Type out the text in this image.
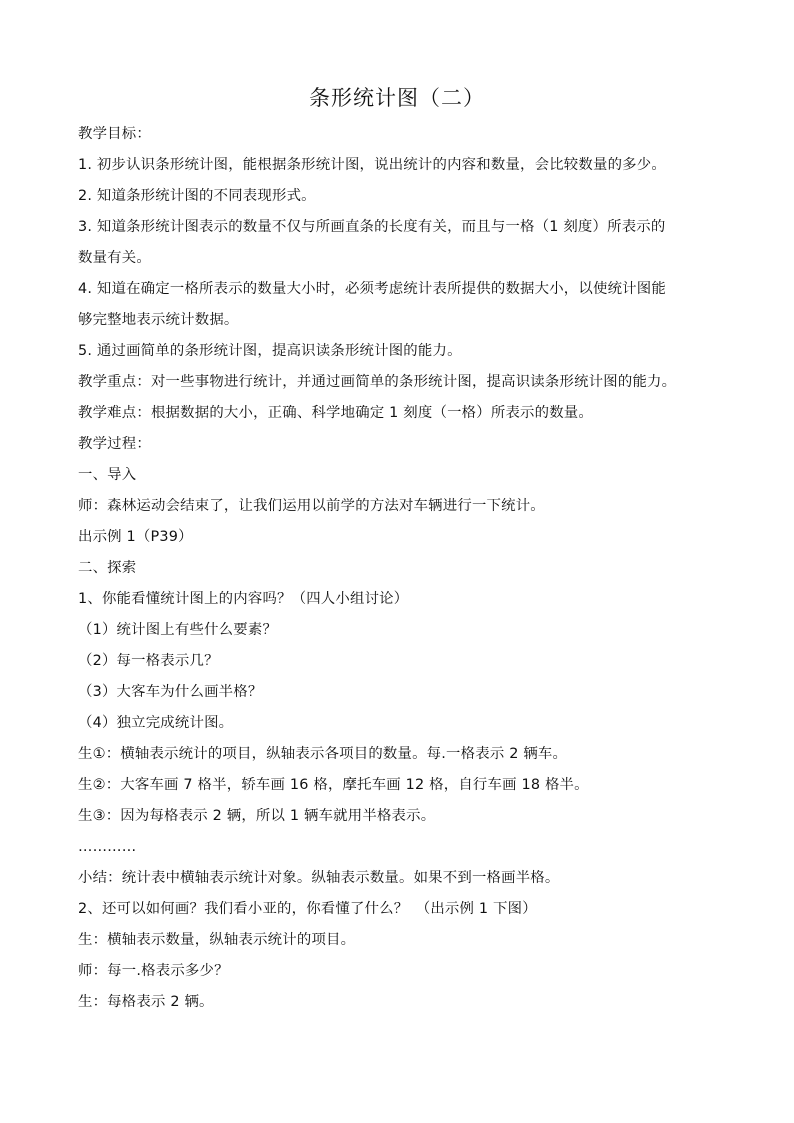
条形统计图（二）
教学目标：
1. 初步认识条形统计图，能根据条形统计图，说出统计的内容和数量，会比较数量的多少。
2. 知道条形统计图的不同表现形式。
3. 知道条形统计图表示的数量不仅与所画直条的长度有关，而且与一格（1 刻度）所表示的
数量有关。
4. 知道在确定一格所表示的数量大小时，必须考虑统计表所提供的数据大小，以使统计图能
够完整地表示统计数据。
5. 通过画简单的条形统计图，提高识读条形统计图的能力。
教学重点：对一些事物进行统计，并通过画简单的条形统计图，提高识读条形统计图的能力。
教学难点：根据数据的大小，正确、科学地确定 1 刻度（一格）所表示的数量。
教学过程：
一、导入
师：森林运动会结束了，让我们运用以前学的方法对车辆进行一下统计。
出示例 1（P39）
二、探索
1、你能看懂统计图上的内容吗？（四人小组讨论）
（1）统计图上有些什么要素？
（2）每一格表示几？
（3）大客车为什么画半格？
（4）独立完成统计图。
生①：横轴表示统计的项目，纵轴表示各项目的数量。每.一格表示 2 辆车。
生②：大客车画 7 格半，轿车画 16 格，摩托车画 12 格，自行车画 18 格半。
生③：因为每格表示 2 辆，所以 1 辆车就用半格表示。
…………
小结：统计表中横轴表示统计对象。纵轴表示数量。如果不到一格画半格。
2、还可以如何画？我们看小亚的，你看懂了什么？　（出示例 1 下图）
生：横轴表示数量，纵轴表示统计的项目。
师：每一.格表示多少？
生：每格表示 2 辆。
